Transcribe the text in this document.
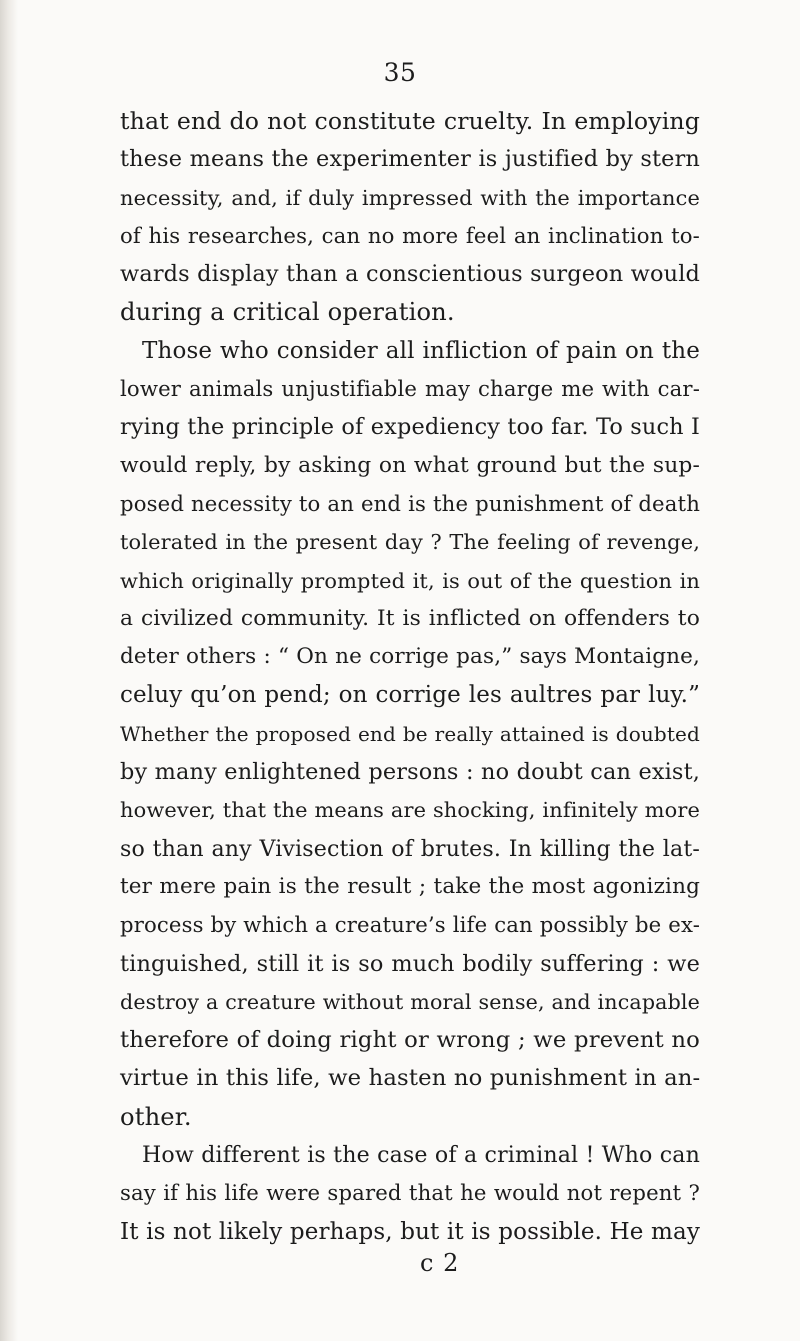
35
that end do not constitute cruelty. In employing
these means the experimenter is justified by stern
necessity, and, if duly impressed with the importance
of his researches, can no more feel an inclination to-
wards display than a conscientious surgeon would
during a critical operation.
Those who consider all infliction of pain on the
lower animals unjustifiable may charge me with car-
rying the principle of expediency too far. To such I
would reply, by asking on what ground but the sup-
posed necessity to an end is the punishment of death
tolerated in the present day ? The feeling of revenge,
which originally prompted it, is out of the question in
a civilized community. It is inflicted on offenders to
deter others : “ On ne corrige pas,” says Montaigne,
celuy qu’on pend; on corrige les aultres par luy.”
Whether the proposed end be really attained is doubted
by many enlightened persons : no doubt can exist,
however, that the means are shocking, infinitely more
so than any Vivisection of brutes. In killing the lat-
ter mere pain is the result ; take the most agonizing
process by which a creature’s life can possibly be ex-
tinguished, still it is so much bodily suffering : we
destroy a creature without moral sense, and incapable
therefore of doing right or wrong ; we prevent no
virtue in this life, we hasten no punishment in an-
other.
How different is the case of a criminal ! Who can
say if his life were spared that he would not repent ?
It is not likely perhaps, but it is possible. He may
c 2
